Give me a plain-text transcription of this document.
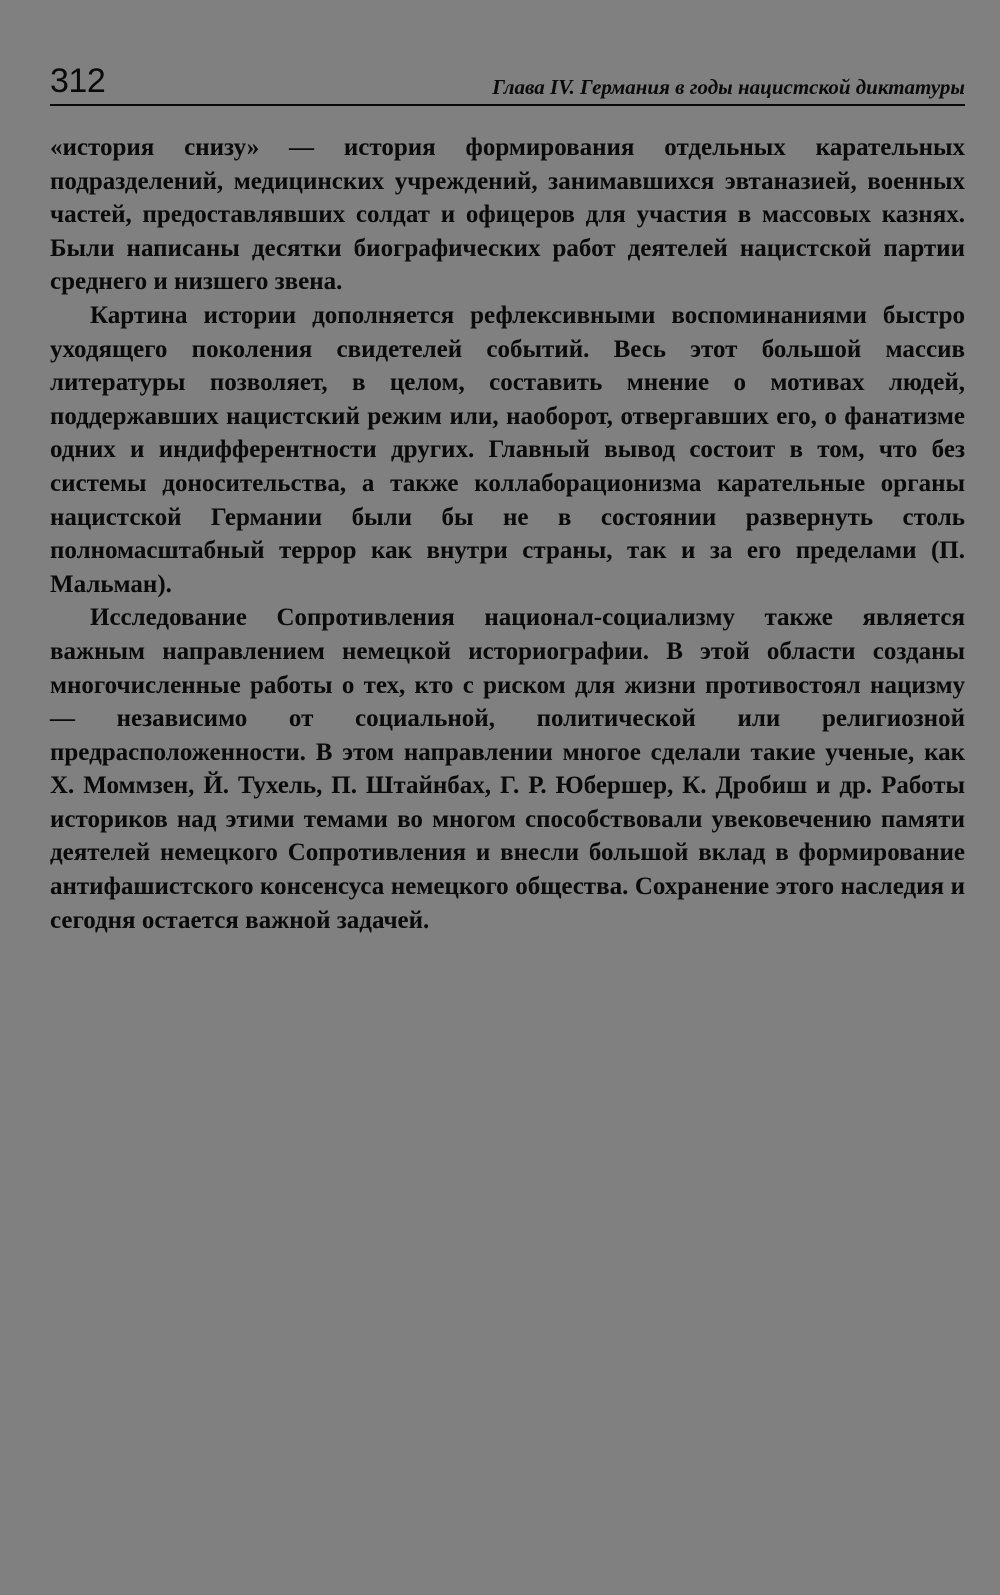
312	Глава IV. Германия в годы нацистской диктатуры

«история снизу» — история формирования отдельных карательных подразделений, медицинских учреждений, занимавшихся эвтаназией, военных частей, предоставлявших солдат и офицеров для участия в массовых казнях. Были написаны десятки биографических работ деятелей нацистской партии среднего и низшего звена.

Картина истории дополняется рефлексивными воспоминаниями быстро уходящего поколения свидетелей событий. Весь этот большой массив литературы позволяет, в целом, составить мнение о мотивах людей, поддержавших нацистский режим или, наоборот, отвергавших его, о фанатизме одних и индифферентности других. Главный вывод состоит в том, что без системы доносительства, а также коллаборационизма карательные органы нацистской Германии были бы не в состоянии развернуть столь полномасштабный террор как внутри страны, так и за его пределами (П. Мальман).

Исследование Сопротивления национал-социализму также является важным направлением немецкой историографии. В этой области созданы многочисленные работы о тех, кто с риском для жизни противостоял нацизму — независимо от социальной, политической или религиозной предрасположенности. В этом направлении многое сделали такие ученые, как Х. Моммзен, Й. Тухель, П. Штайнбах, Г. Р. Юбершер, К. Дробиш и др. Работы историков над этими темами во многом способствовали увековечению памяти деятелей немецкого Сопротивления и внесли большой вклад в формирование антифашистского консенсуса немецкого общества. Сохранение этого наследия и сегодня остается важной задачей.
